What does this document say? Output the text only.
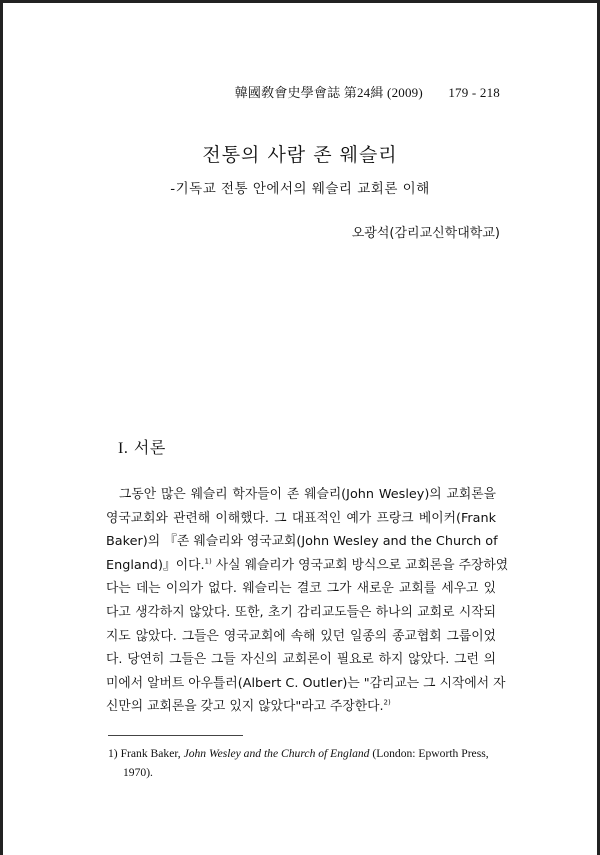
韓國敎會史學會誌 第24緝 (2009) 179 - 218
전통의 사람 존 웨슬리
-기독교 전통 안에서의 웨슬리 교회론 이해
오광석(감리교신학대학교)
I. 서론
그동안 많은 웨슬리 학자들이 존 웨슬리(John Wesley)의 교회론을
영국교회와 관련해 이해했다. 그 대표적인 예가 프랑크 베이커(Frank
Baker)의 『존 웨슬리와 영국교회(John Wesley and the Church of
England)』이다.$^{1)}$ 사실 웨슬리가 영국교회 방식으로 교회론을 주장하였
다는 데는 이의가 없다. 웨슬리는 결코 그가 새로운 교회를 세우고 있
다고 생각하지 않았다. 또한, 초기 감리교도들은 하나의 교회로 시작되
지도 않았다. 그들은 영국교회에 속해 있던 일종의 종교협회 그룹이었
다. 당연히 그들은 그들 자신의 교회론이 필요로 하지 않았다. 그런 의
미에서 알버트 아우틀러(Albert C. Outler)는 "감리교는 그 시작에서 자
신만의 교회론을 갖고 있지 않았다"라고 주장한다.$^{2)}$
1) Frank Baker, John Wesley and the Church of England (London: Epworth Press,
1970).
